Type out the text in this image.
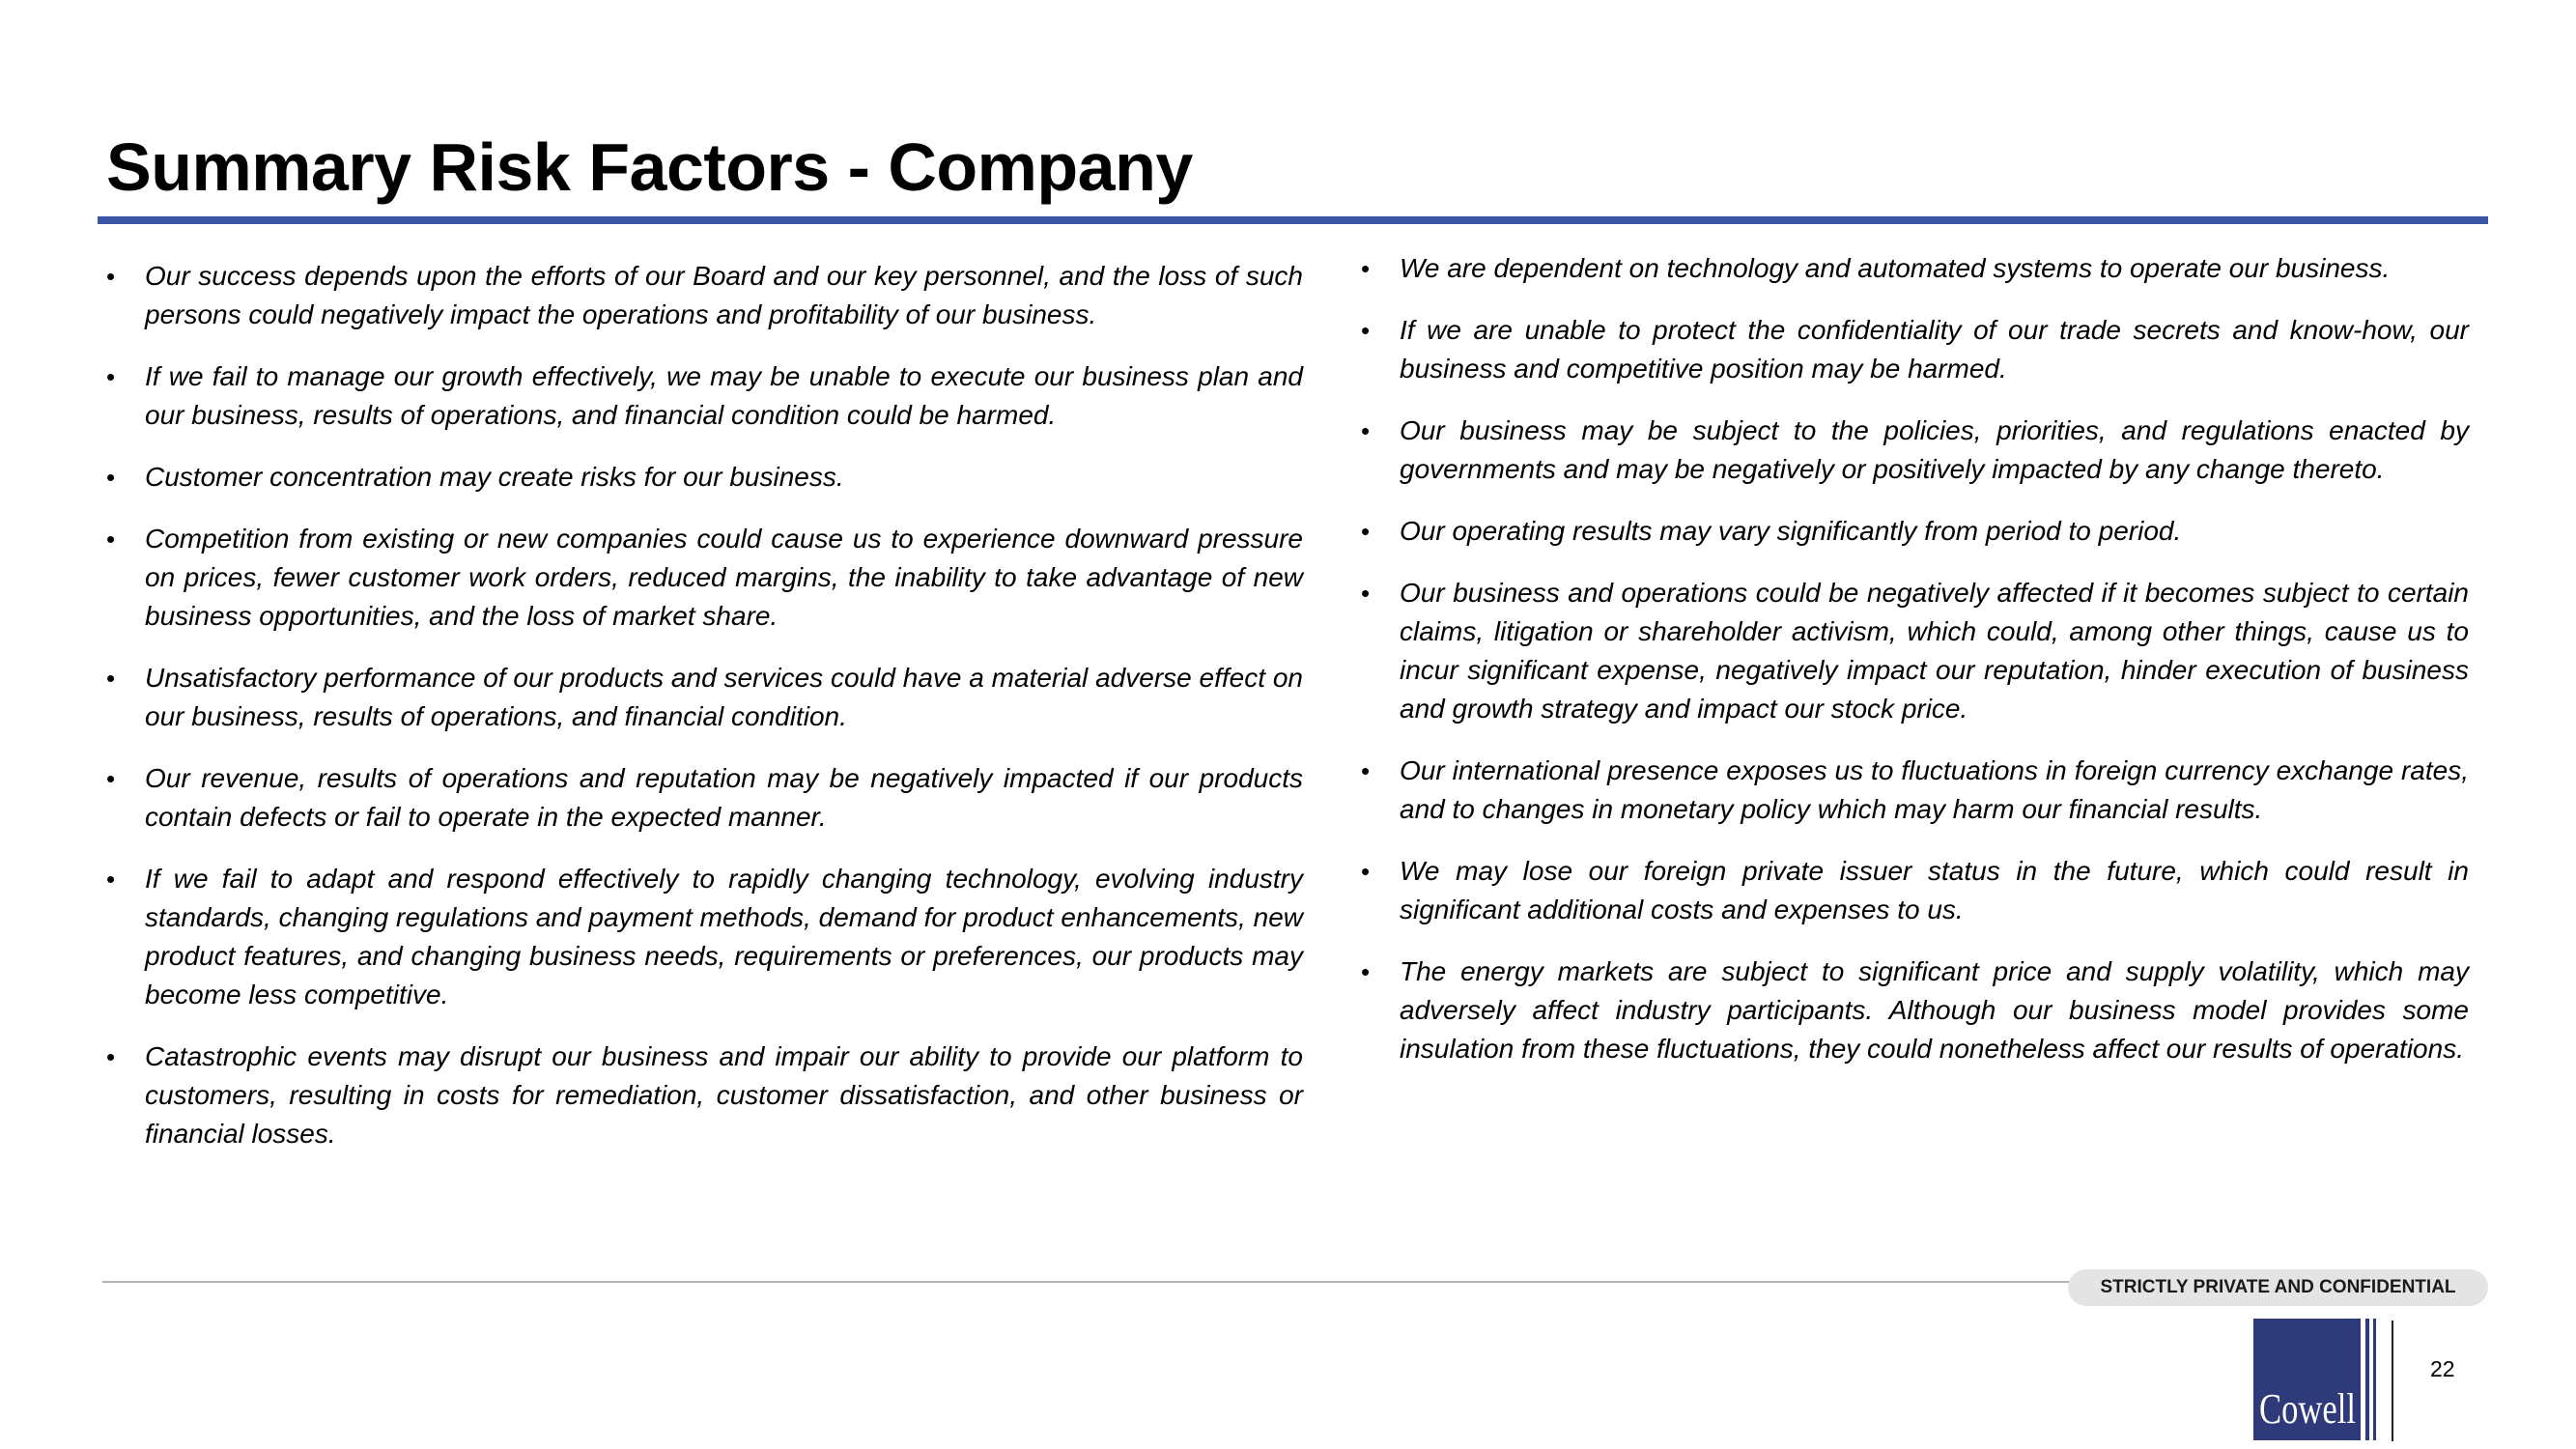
Summary Risk Factors - Company
• Our success depends upon the efforts of our Board and our key personnel, and the loss of such persons could negatively impact the operations and profitability of our business.
• If we fail to manage our growth effectively, we may be unable to execute our business plan and our business, results of operations, and financial condition could be harmed.
• Customer concentration may create risks for our business.
• Competition from existing or new companies could cause us to experience downward pressure on prices, fewer customer work orders, reduced margins, the inability to take advantage of new business opportunities, and the loss of market share.
• Unsatisfactory performance of our products and services could have a material adverse effect on our business, results of operations, and financial condition.
• Our revenue, results of operations and reputation may be negatively impacted if our products contain defects or fail to operate in the expected manner.
• If we fail to adapt and respond effectively to rapidly changing technology, evolving industry standards, changing regulations and payment methods, demand for product enhancements, new product features, and changing business needs, requirements or preferences, our products may become less competitive.
• Catastrophic events may disrupt our business and impair our ability to provide our platform to customers, resulting in costs for remediation, customer dissatisfaction, and other business or financial losses.
• We are dependent on technology and automated systems to operate our business.
• If we are unable to protect the confidentiality of our trade secrets and know-how, our business and competitive position may be harmed.
• Our business may be subject to the policies, priorities, and regulations enacted by governments and may be negatively or positively impacted by any change thereto.
• Our operating results may vary significantly from period to period.
• Our business and operations could be negatively affected if it becomes subject to certain claims, litigation or shareholder activism, which could, among other things, cause us to incur significant expense, negatively impact our reputation, hinder execution of business and growth strategy and impact our stock price.
• Our international presence exposes us to fluctuations in foreign currency exchange rates, and to changes in monetary policy which may harm our financial results.
• We may lose our foreign private issuer status in the future, which could result in significant additional costs and expenses to us.
• The energy markets are subject to significant price and supply volatility, which may adversely affect industry participants. Although our business model provides some insulation from these fluctuations, they could nonetheless affect our results of operations.
STRICTLY PRIVATE AND CONFIDENTIAL
Cowell
22
